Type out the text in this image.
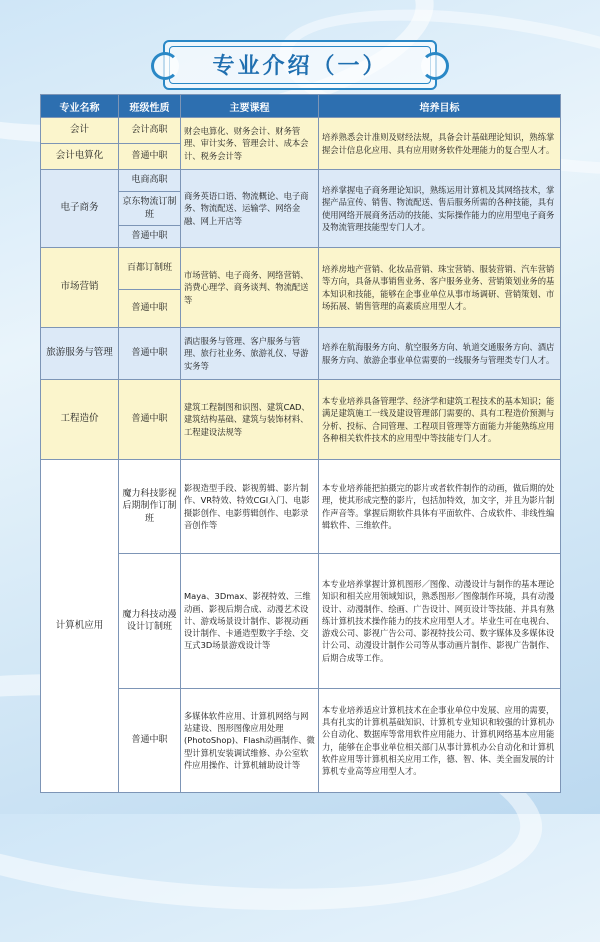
专业介绍（一）
专业名称	班级性质	主要课程	培养目标
会计	会计高职	财会电算化、财务会计、财务管理、审计实务、管理会计、成本会计、税务会计等	培养熟悉会计准则及财经法规，具备会计基础理论知识，熟练掌握会计信息化应用、具有应用财务软件处理能力的复合型人才。
会计电算化	普通中职		
电子商务	电商高职	商务英语口语、物流概论、电子商务、物流配送、运输学、网络金融、网上开店等	培养掌握电子商务理论知识，熟练运用计算机及其网络技术，掌握产品宣传、销售、物流配送、售后服务所需的各种技能，具有使用网络开展商务活动的技能、实际操作能力的应用型电子商务及物流管理技能型专门人才。
	京东物流订制班		
	普通中职		
市场营销	百都订制班	市场营销、电子商务、网络营销、消费心理学、商务谈判、物流配送等	培养房地产营销、化妆品营销、珠宝营销、服装营销、汽车营销等方向，具备从事销售业务、客户服务业务、营销策划业务的基本知识和技能，能够在企事业单位从事市场调研、营销策划、市场拓展、销售管理的高素质应用型人才。
	普通中职		
旅游服务与管理	普通中职	酒店服务与管理、客户服务与管理、旅行社业务、旅游礼仪、导游实务等	培养在航海服务方向、航空服务方向、轨道交通服务方向、酒店服务方向、旅游企事业单位需要的一线服务与管理类专门人才。
工程造价	普通中职	建筑工程制图和识图、建筑CAD、建筑结构基础、建筑与装饰材料、工程建设法规等	本专业培养具备管理学、经济学和建筑工程技术的基本知识；能满足建筑施工一线及建设管理部门需要的、具有工程造价预测与分析、投标、合同管理、工程项目管理等方面能力并能熟练应用各种相关软件技术的应用型中等技能专门人才。
计算机应用	魔力科技影视后期制作订制班	影视造型手段、影视剪辑、影片制作、VR特效、特效CGI入门、电影摄影创作、电影剪辑创作、电影录音创作等	本专业培养能把拍摄完的影片或者软件制作的动画，做后期的处理，使其形成完整的影片，包括加特效，加文字，并且为影片制作声音等。掌握后期软件具体有平面软件、合成软件、非线性编辑软件、三维软件。
	魔力科技动漫设计订制班	Maya、3Dmax、影视特效、三维动画、影视后期合成、动漫艺术设计、游戏场景设计制作、影视动画设计制作、卡通造型数字手绘、交互式3D场景游戏设计等	本专业培养掌握计算机图形／图像、动漫设计与制作的基本理论知识和相关应用领域知识，熟悉图形／图像制作环境，具有动漫设计、动漫制作、绘画、广告设计、网页设计等技能、并具有熟练计算机技术操作能力的技术应用型人才。毕业生可在电视台、游戏公司、影视广告公司、影视特技公司、数字媒体及多媒体设计公司、动漫设计制作公司等从事动画片制作、影视广告制作、后期合成等工作。
	普通中职	多媒体软件应用、计算机网络与网站建设、图形图像应用处理(PhotoShop)、Flash动画制作、微型计算机安装调试维修、办公室软件应用操作、计算机辅助设计等	本专业培养适应计算机技术在企事业单位中发展、应用的需要，具有扎实的计算机基础知识、计算机专业知识和较强的计算机办公自动化、数据库等常用软件应用能力、计算机网络基本应用能力，能够在企事业单位相关部门从事计算机办公自动化和计算机软件应用等计算机相关应用工作，德、智、体、美全面发展的计算机专业高等应用型人才。
